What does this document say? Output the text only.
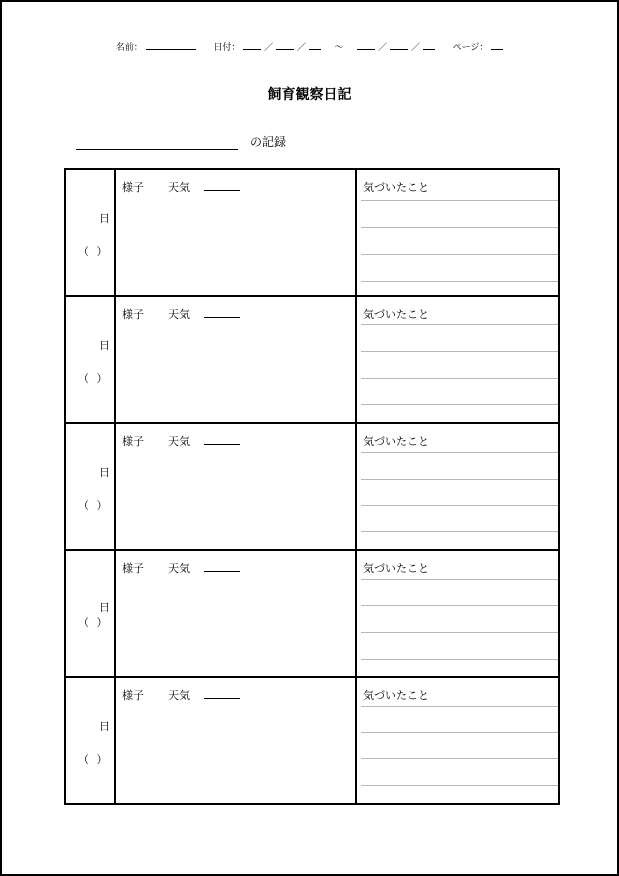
名前：	日付：	／	／	～	／	／	ページ：
飼育観察日記
の記録
日
（ ）
様子 天気	気づいたこと
日
（ ）
様子 天気	気づいたこと
日
（ ）
様子 天気	気づいたこと
日
（ ）
様子 天気	気づいたこと
日
（ ）
様子 天気	気づいたこと
